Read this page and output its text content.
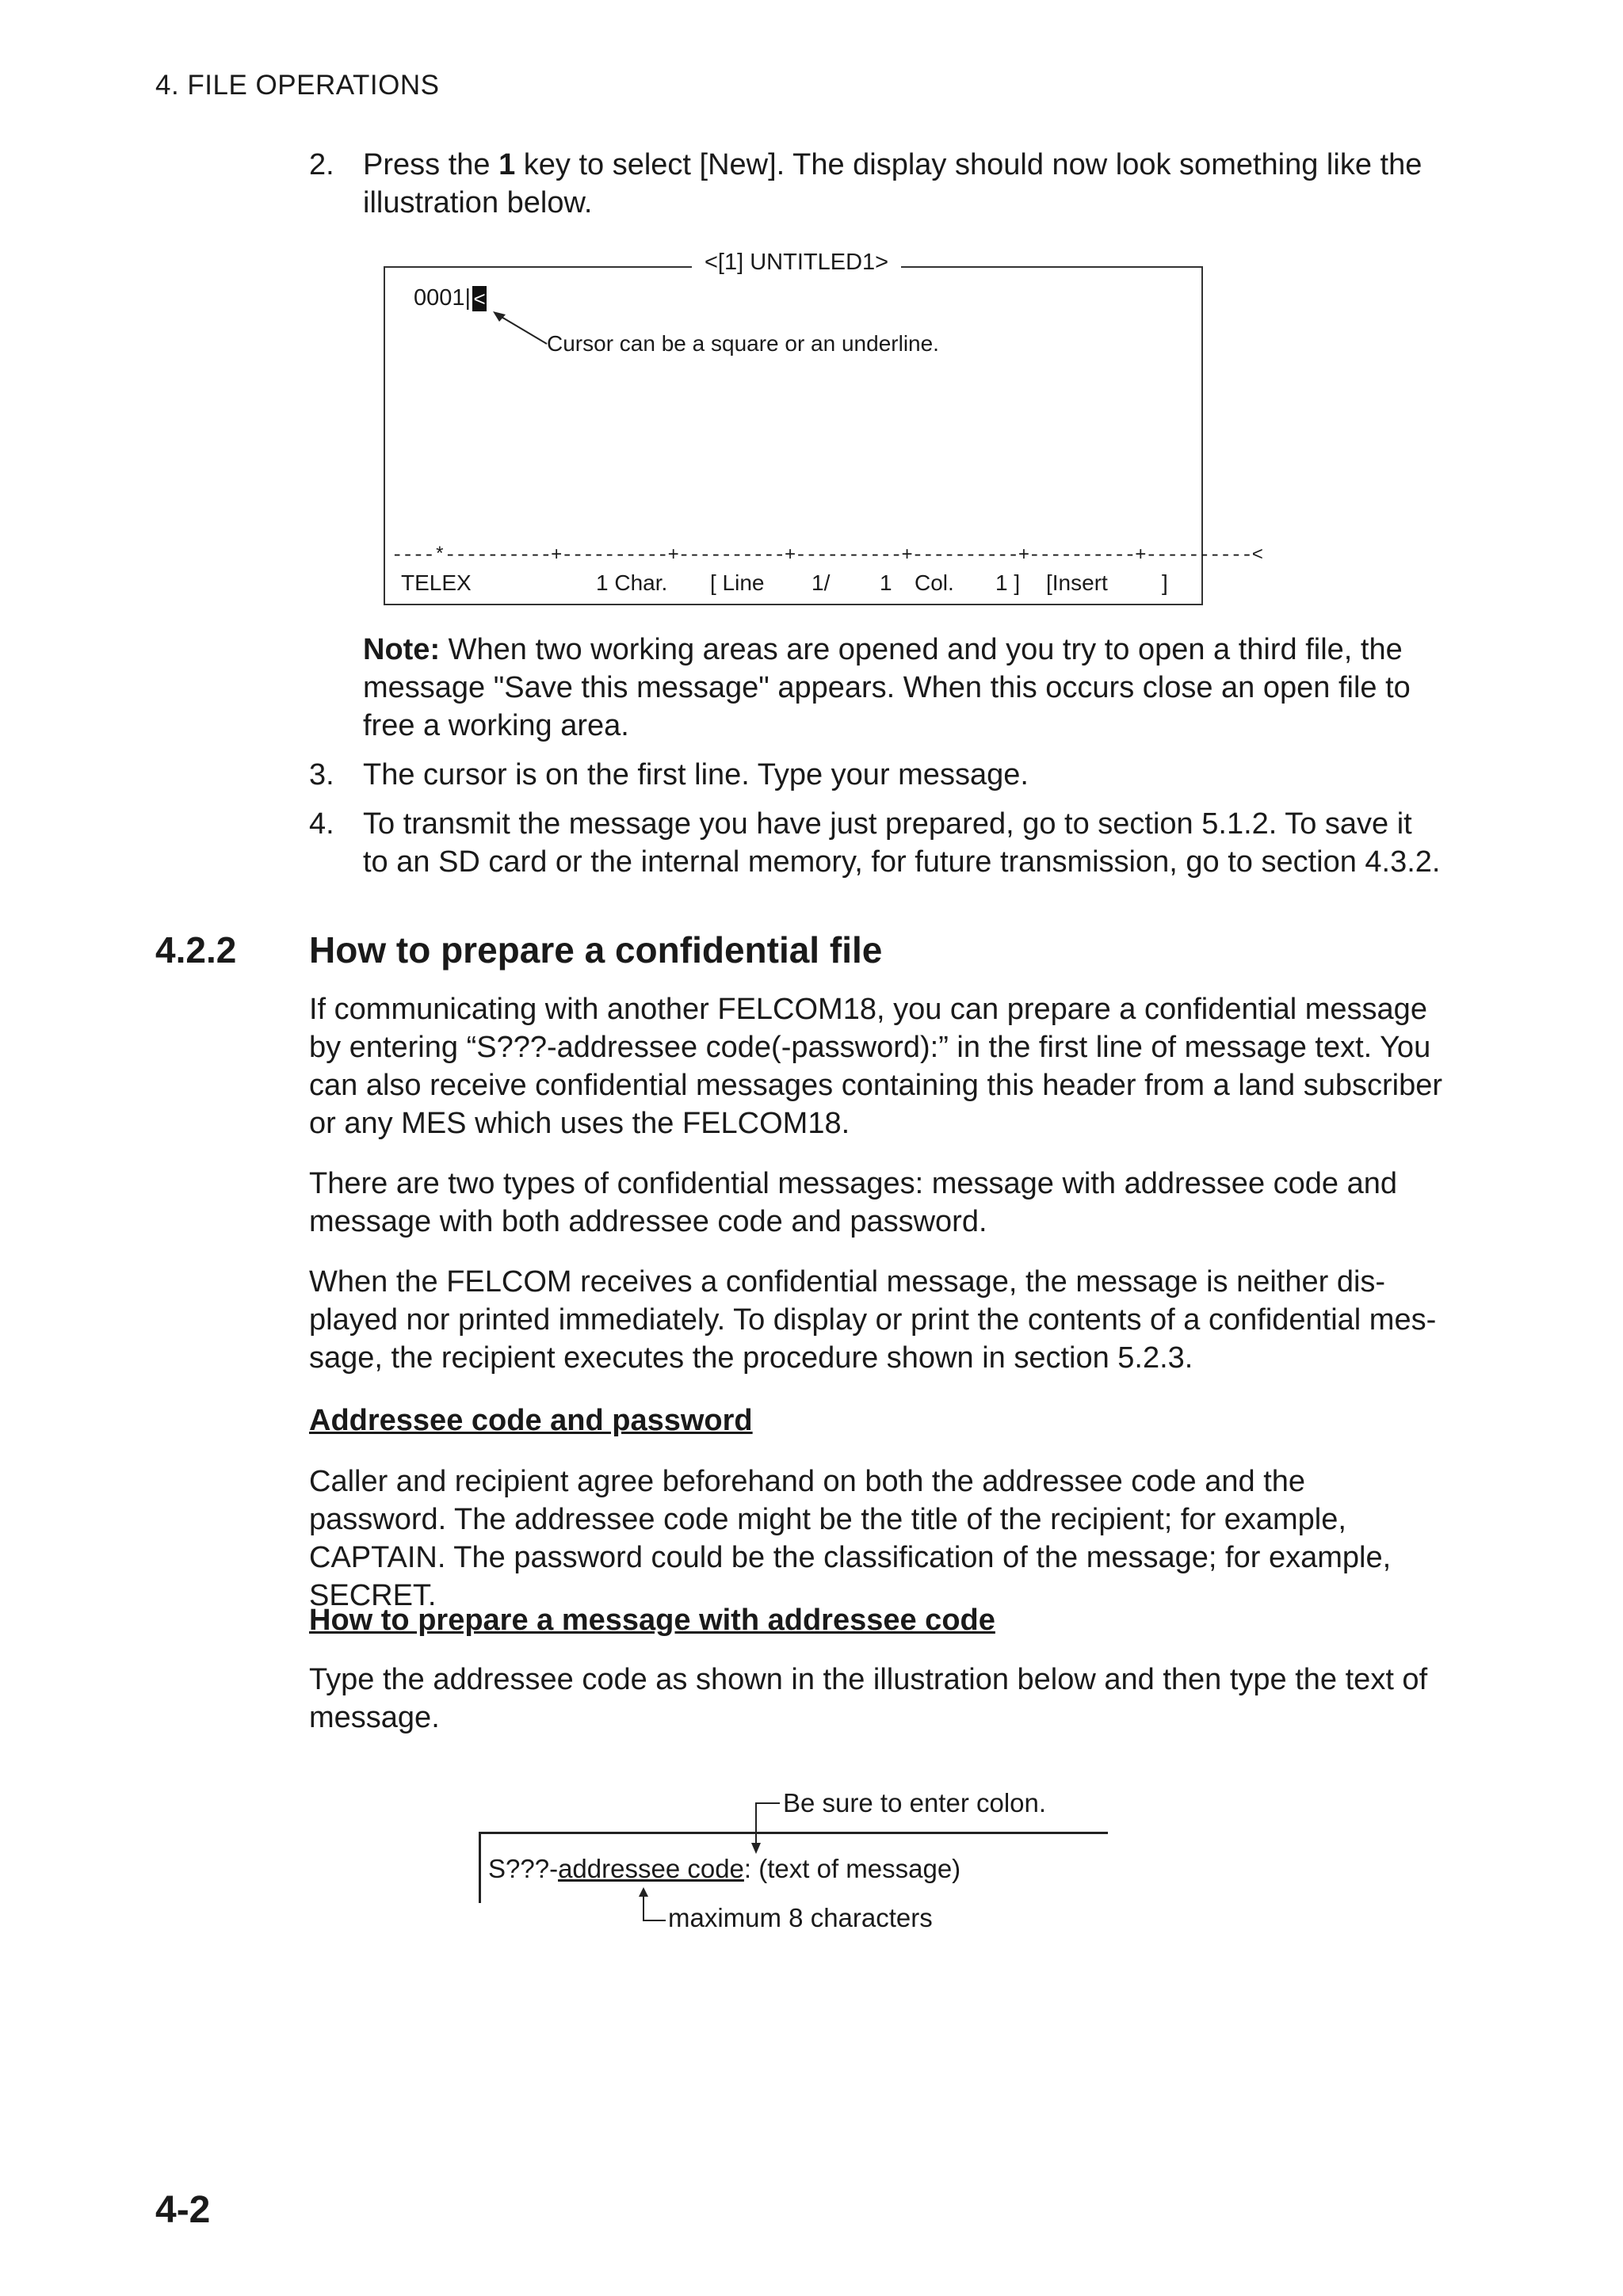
4. FILE OPERATIONS
2. Press the 1 key to select [New]. The display should now look something like the illustration below.
<[1] UNTITLED1>
0001| <
Cursor can be a square or an underline.
----*----------+----------+----------+----------+----------+----------+----------<
TELEX	1 Char. [ Line 1/ 1 Col. 1 ] [Insert ]
Note: When two working areas are opened and you try to open a third file, the message "Save this message" appears. When this occurs close an open file to free a working area.
3. The cursor is on the first line. Type your message.
4. To transmit the message you have just prepared, go to section 5.1.2. To save it to an SD card or the internal memory, for future transmission, go to section 4.3.2.
4.2.2 How to prepare a confidential file
If communicating with another FELCOM18, you can prepare a confidential message by entering “S???-addressee code(-password):” in the first line of message text. You can also receive confidential messages containing this header from a land subscriber or any MES which uses the FELCOM18.
There are two types of confidential messages: message with addressee code and message with both addressee code and password.
When the FELCOM receives a confidential message, the message is neither dis-played nor printed immediately. To display or print the contents of a confidential mes-sage, the recipient executes the procedure shown in section 5.2.3.
Addressee code and password
Caller and recipient agree beforehand on both the addressee code and the password. The addressee code might be the title of the recipient; for example, CAPTAIN. The password could be the classification of the message; for example, SECRET.
How to prepare a message with addressee code
Type the addressee code as shown in the illustration below and then type the text of message.
Be sure to enter colon.
S???-addressee code: (text of message)
maximum 8 characters
4-2
